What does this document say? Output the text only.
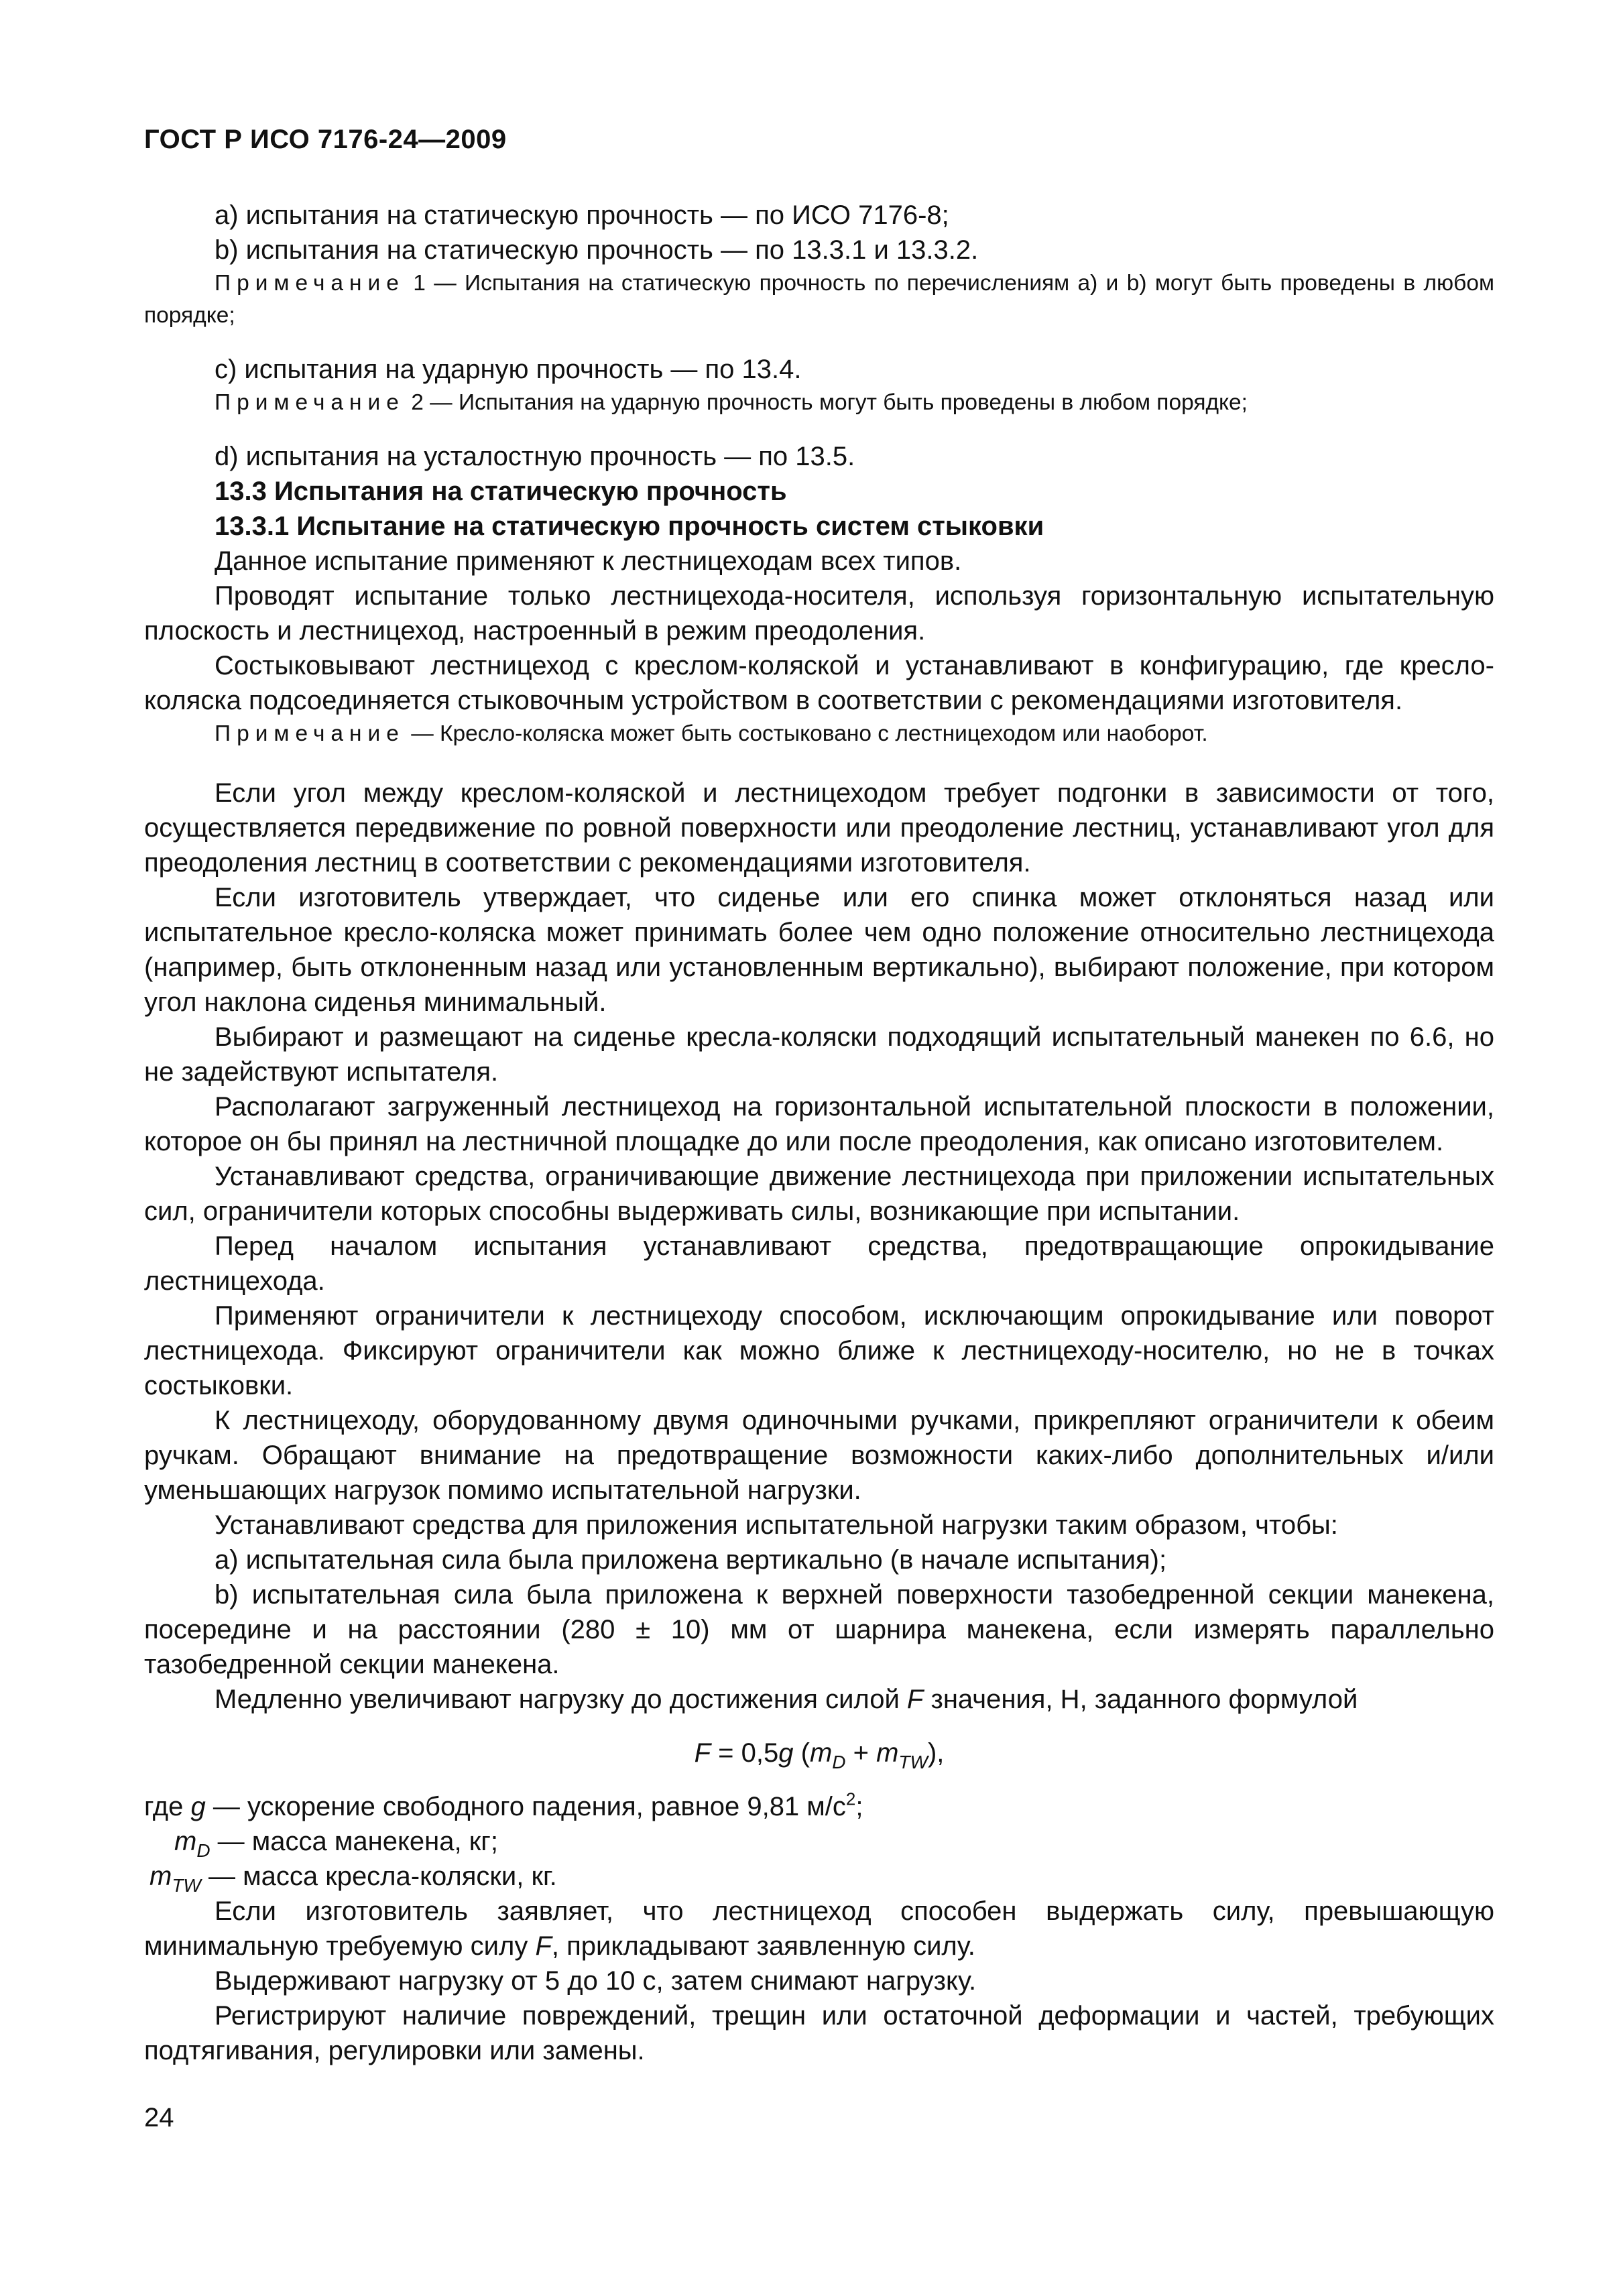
ГОСТ Р ИСО 7176-24—2009

a) испытания на статическую прочность — по ИСО 7176-8;

b) испытания на статическую прочность — по 13.3.1 и 13.3.2.

Примечание 1 — Испытания на статическую прочность по перечислениям a) и b) могут быть проведены в любом порядке;

c) испытания на ударную прочность — по 13.4.

Примечание 2 — Испытания на ударную прочность могут быть проведены в любом порядке;

d) испытания на усталостную прочность — по 13.5.

13.3 Испытания на статическую прочность

13.3.1 Испытание на статическую прочность систем стыковки

Данное испытание применяют к лестницеходам всех типов.

Проводят испытание только лестницехода-носителя, используя горизонтальную испытательную плоскость и лестницеход, настроенный в режим преодоления.

Состыковывают лестницеход с креслом-коляской и устанавливают в конфигурацию, где кресло-коляска подсоединяется стыковочным устройством в соответствии с рекомендациями изготовителя.

Примечание — Кресло-коляска может быть состыковано с лестницеходом или наоборот.

Если угол между креслом-коляской и лестницеходом требует подгонки в зависимости от того, осуществляется передвижение по ровной поверхности или преодоление лестниц, устанавливают угол для преодоления лестниц в соответствии с рекомендациями изготовителя.

Если изготовитель утверждает, что сиденье или его спинка может отклоняться назад или испытательное кресло-коляска может принимать более чем одно положение относительно лестницехода (например, быть отклоненным назад или установленным вертикально), выбирают положение, при котором угол наклона сиденья минимальный.

Выбирают и размещают на сиденье кресла-коляски подходящий испытательный манекен по 6.6, но не задействуют испытателя.

Располагают загруженный лестницеход на горизонтальной испытательной плоскости в положении, которое он бы принял на лестничной площадке до или после преодоления, как описано изготовителем.

Устанавливают средства, ограничивающие движение лестницехода при приложении испытательных сил, ограничители которых способны выдерживать силы, возникающие при испытании.

Перед началом испытания устанавливают средства, предотвращающие опрокидывание лестницехода.

Применяют ограничители к лестницеходу способом, исключающим опрокидывание или поворот лестницехода. Фиксируют ограничители как можно ближе к лестницеходу-носителю, но не в точках состыковки.

К лестницеходу, оборудованному двумя одиночными ручками, прикрепляют ограничители к обеим ручкам. Обращают внимание на предотвращение возможности каких-либо дополнительных и/или уменьшающих нагрузок помимо испытательной нагрузки.

Устанавливают средства для приложения испытательной нагрузки таким образом, чтобы:

a) испытательная сила была приложена вертикально (в начале испытания);

b) испытательная сила была приложена к верхней поверхности тазобедренной секции манекена, посередине и на расстоянии (280 ± 10) мм от шарнира манекена, если измерять параллельно тазобедренной секции манекена.

Медленно увеличивают нагрузку до достижения силой F значения, Н, заданного формулой

F = 0,5g $(m_D + m_{TW})$,

где g — ускорение свободного падения, равное 9,81 $м/с^2$;

$m_D$ — масса манекена, кг;

$m_{TW}$ — масса кресла-коляски, кг.

Если изготовитель заявляет, что лестницеход способен выдержать силу, превышающую минимальную требуемую силу F, прикладывают заявленную силу.

Выдерживают нагрузку от 5 до 10 с, затем снимают нагрузку.

Регистрируют наличие повреждений, трещин или остаточной деформации и частей, требующих подтягивания, регулировки или замены.

24
